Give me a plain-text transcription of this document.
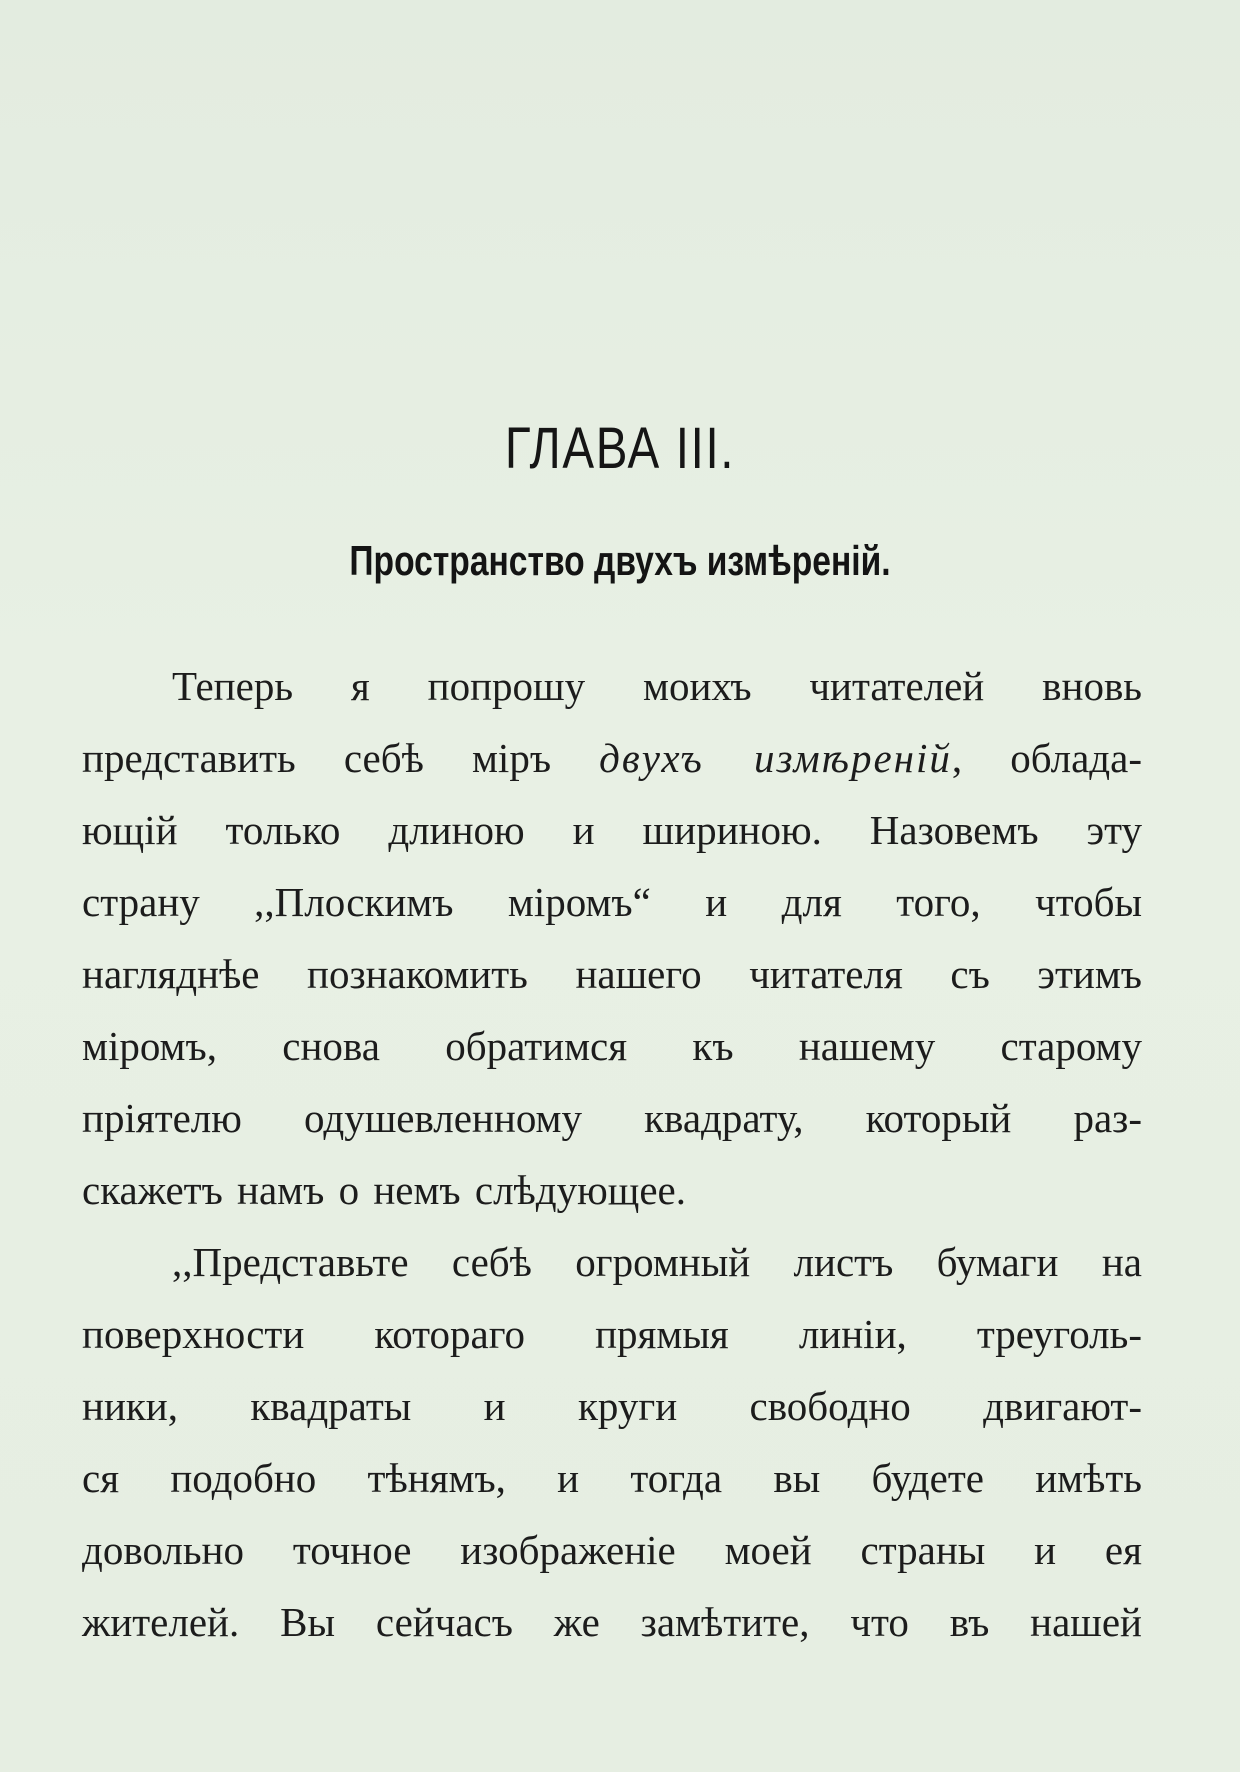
ГЛАВА III.
Пространство двухъ измѣреній.
Теперь я попрошу моихъ читателей вновь
представить себѣ міръ двухъ измѣреній, облада-
ющій только длиною и шириною. Назовемъ эту
страну ,,Плоскимъ міромъ“ и для того, чтобы
нагляднѣе познакомить нашего читателя съ этимъ
міромъ, снова обратимся къ нашему старому
пріятелю одушевленному квадрату, который раз-
скажетъ намъ о немъ слѣдующее.
,,Представьте себѣ огромный листъ бумаги на
поверхности котораго прямыя линіи, треуголь-
ники, квадраты и круги свободно двигают-
ся подобно тѣнямъ, и тогда вы будете имѣть
довольно точное изображеніе моей страны и ея
жителей. Вы сейчасъ же замѣтите, что въ нашей
